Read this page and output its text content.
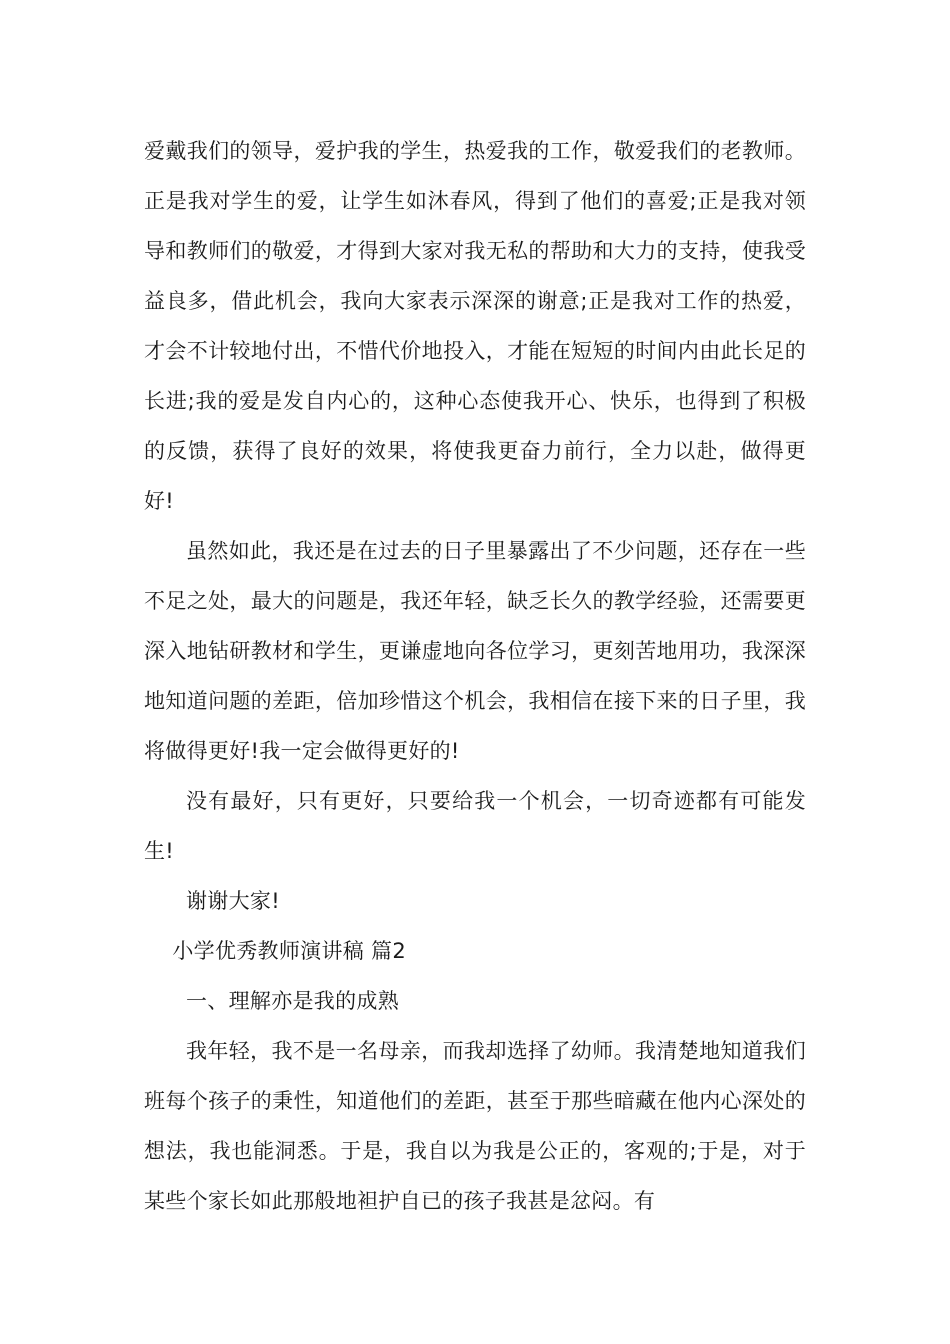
爱戴我们的领导，爱护我的学生，热爱我的工作，敬爱我们的老教师。正是我对学生的爱，让学生如沐春风，得到了他们的喜爱;正是我对领导和教师们的敬爱，才得到大家对我无私的帮助和大力的支持，使我受益良多，借此机会，我向大家表示深深的谢意;正是我对工作的热爱，才会不计较地付出，不惜代价地投入，才能在短短的时间内由此长足的长进;我的爱是发自内心的，这种心态使我开心、快乐，也得到了积极的反馈，获得了良好的效果，将使我更奋力前行，全力以赴，做得更好!

虽然如此，我还是在过去的日子里暴露出了不少问题，还存在一些不足之处，最大的问题是，我还年轻，缺乏长久的教学经验，还需要更深入地钻研教材和学生，更谦虚地向各位学习，更刻苦地用功，我深深地知道问题的差距，倍加珍惜这个机会，我相信在接下来的日子里，我将做得更好!我一定会做得更好的!

没有最好，只有更好，只要给我一个机会，一切奇迹都有可能发生!

谢谢大家!

小学优秀教师演讲稿 篇2

一、理解亦是我的成熟

我年轻，我不是一名母亲，而我却选择了幼师。我清楚地知道我们班每个孩子的秉性，知道他们的差距，甚至于那些暗藏在他内心深处的想法，我也能洞悉。于是，我自以为我是公正的，客观的;于是，对于某些个家长如此那般地袒护自已的孩子我甚是忿闷。有
